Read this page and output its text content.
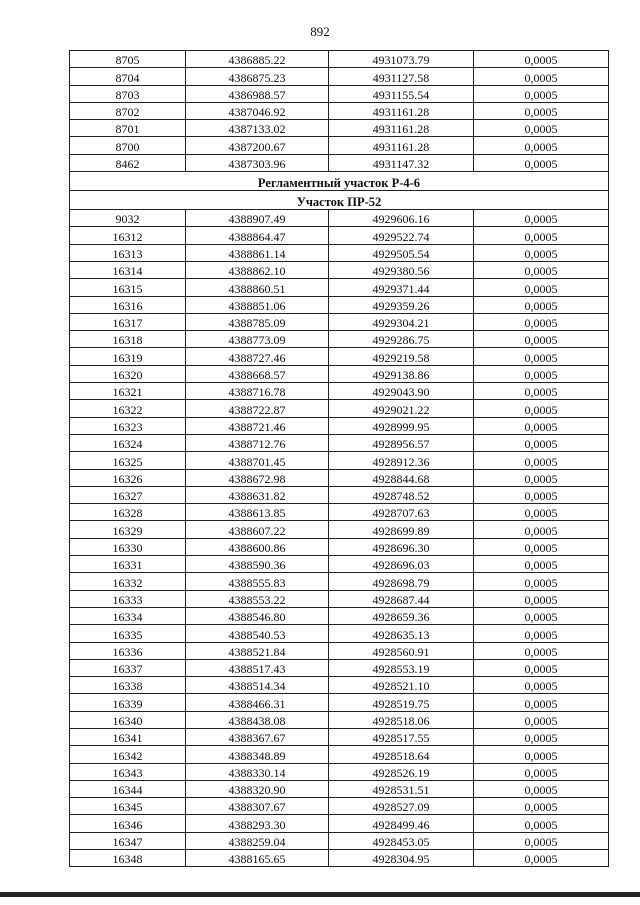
892
8705	4386885.22	4931073.79	0,0005
8704	4386875.23	4931127.58	0,0005
8703	4386988.57	4931155.54	0,0005
8702	4387046.92	4931161.28	0,0005
8701	4387133.02	4931161.28	0,0005
8700	4387200.67	4931161.28	0,0005
8462	4387303.96	4931147.32	0,0005
Регламентный участок Р-4-6			
Участок ПР-52			
9032	4388907.49	4929606.16	0,0005
16312	4388864.47	4929522.74	0,0005
16313	4388861.14	4929505.54	0,0005
16314	4388862.10	4929380.56	0,0005
16315	4388860.51	4929371.44	0,0005
16316	4388851.06	4929359.26	0,0005
16317	4388785.09	4929304.21	0,0005
16318	4388773.09	4929286.75	0,0005
16319	4388727.46	4929219.58	0,0005
16320	4388668.57	4929138.86	0,0005
16321	4388716.78	4929043.90	0,0005
16322	4388722.87	4929021.22	0,0005
16323	4388721.46	4928999.95	0,0005
16324	4388712.76	4928956.57	0,0005
16325	4388701.45	4928912.36	0,0005
16326	4388672.98	4928844.68	0,0005
16327	4388631.82	4928748.52	0,0005
16328	4388613.85	4928707.63	0,0005
16329	4388607.22	4928699.89	0,0005
16330	4388600.86	4928696.30	0,0005
16331	4388590.36	4928696.03	0,0005
16332	4388555.83	4928698.79	0,0005
16333	4388553.22	4928687.44	0,0005
16334	4388546.80	4928659.36	0,0005
16335	4388540.53	4928635.13	0,0005
16336	4388521.84	4928560.91	0,0005
16337	4388517.43	4928553.19	0,0005
16338	4388514.34	4928521.10	0,0005
16339	4388466.31	4928519.75	0,0005
16340	4388438.08	4928518.06	0,0005
16341	4388367.67	4928517.55	0,0005
16342	4388348.89	4928518.64	0,0005
16343	4388330.14	4928526.19	0,0005
16344	4388320.90	4928531.51	0,0005
16345	4388307.67	4928527.09	0,0005
16346	4388293.30	4928499.46	0,0005
16347	4388259.04	4928453.05	0,0005
16348	4388165.65	4928304.95	0,0005
